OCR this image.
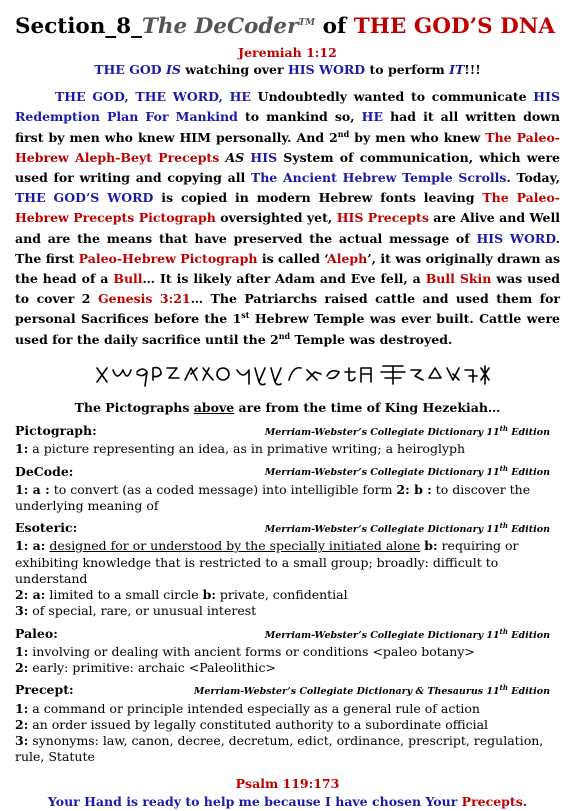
Section_8_The DeCoder™ of THE GOD’S DNA
Jeremiah 1:12
THE GOD IS watching over HIS WORD to perform IT!!!
THE GOD, THE WORD, HE Undoubtedly wanted to communicate HIS Redemption Plan For Mankind to mankind so, HE had it all written down first by men who knew HIM personally. And 2nd by men who knew The Paleo-Hebrew Aleph-Beyt Precepts AS HIS System of communication, which were used for writing and copying all The Ancient Hebrew Temple Scrolls. Today, THE GOD’S WORD is copied in modern Hebrew fonts leaving The Paleo-Hebrew Precepts Pictograph oversighted yet, HIS Precepts are Alive and Well and are the means that have preserved the actual message of HIS WORD. The first Paleo-Hebrew Pictograph is called ‘Aleph’, it was originally drawn as the head of a Bull… It is likely after Adam and Eve fell, a Bull Skin was used to cover 2 Genesis 3:21… The Patriarchs raised cattle and used them for personal Sacrifices before the 1st Hebrew Temple was ever built. Cattle were used for the daily sacrifice until the 2nd Temple was destroyed.
The Pictographs above are from the time of King Hezekiah…
Pictograph:	Merriam-Webster’s Collegiate Dictionary 11th Edition
1: a picture representing an idea, as in primative writing; a heiroglyph
DeCode:	Merriam-Webster’s Collegiate Dictionary 11th Edition
1: a : to convert (as a coded message) into intelligible form 2: b : to discover the underlying meaning of
Esoteric:	Merriam-Webster’s Collegiate Dictionary 11th Edition
1: a: designed for or understood by the specially initiated alone b: requiring or exhibiting knowledge that is restricted to a small group; broadly: difficult to understand
2: a: limited to a small circle b: private, confidential
3: of special, rare, or unusual interest
Paleo:	Merriam-Webster’s Collegiate Dictionary 11th Edition
1: involving or dealing with ancient forms or conditions <paleo botany>
2: early: primitive: archaic <Paleolithic>
Precept:	Merriam-Webster’s Collegiate Dictionary & Thesaurus 11th Edition
1: a command or principle intended especially as a general rule of action
2: an order issued by legally constituted authority to a subordinate official
3: synonyms: law, canon, decree, decretum, edict, ordinance, prescript, regulation, rule, Statute
Psalm 119:173
Your Hand is ready to help me because I have chosen Your Precepts.
